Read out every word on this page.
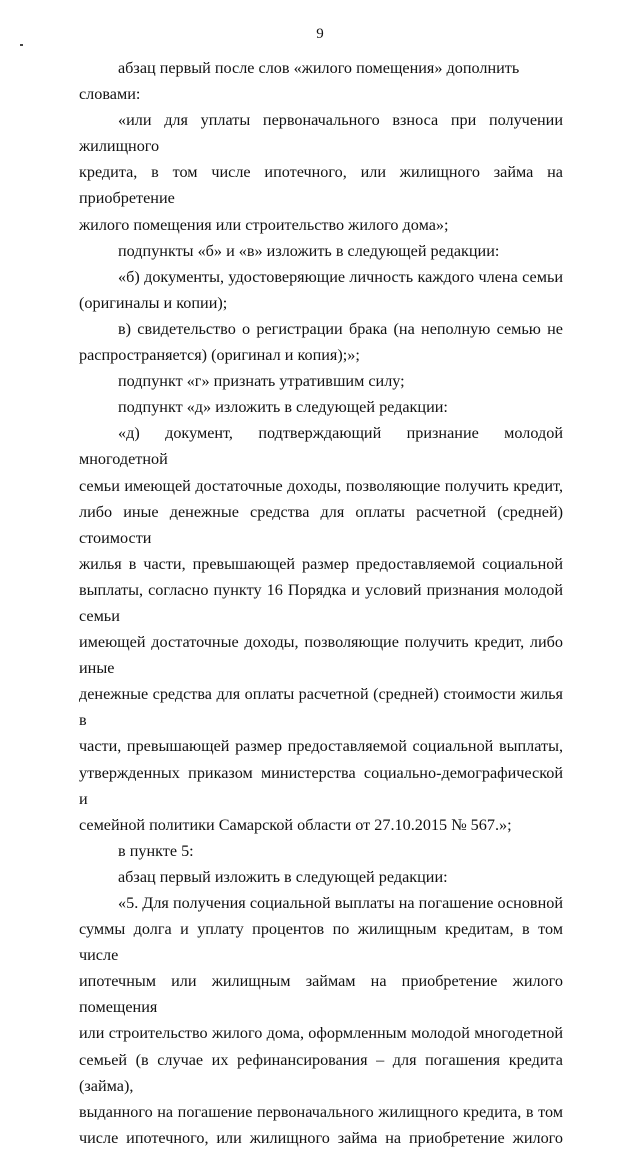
9

абзац первый после слов «жилого помещения» дополнить словами:

«или для уплаты первоначального взноса при получении жилищного
кредита, в том числе ипотечного, или жилищного займа на приобретение
жилого помещения или строительство жилого дома»;

подпункты «б» и «в» изложить в следующей редакции:

«б) документы, удостоверяющие личность каждого члена семьи
(оригиналы и копии);

в) свидетельство о регистрации брака (на неполную семью не
распространяется) (оригинал и копия);»;

подпункт «г» признать утратившим силу;

подпункт «д» изложить в следующей редакции:

«д) документ, подтверждающий признание молодой многодетной
семьи имеющей достаточные доходы, позволяющие получить кредит,
либо иные денежные средства для оплаты расчетной (средней) стоимости
жилья в части, превышающей размер предоставляемой социальной
выплаты, согласно пункту 16 Порядка и условий признания молодой семьи
имеющей достаточные доходы, позволяющие получить кредит, либо иные
денежные средства для оплаты расчетной (средней) стоимости жилья в
части, превышающей размер предоставляемой социальной выплаты,
утвержденных приказом министерства социально-демографической и
семейной политики Самарской области от 27.10.2015 № 567.»;

в пункте 5:

абзац первый изложить в следующей редакции:

«5. Для получения социальной выплаты на погашение основной
суммы долга и уплату процентов по жилищным кредитам, в том числе
ипотечным или жилищным займам на приобретение жилого помещения
или строительство жилого дома, оформленным молодой многодетной
семьей (в случае их рефинансирования – для погашения кредита (займа),
выданного на погашение первоначального жилищного кредита, в том
числе ипотечного, или жилищного займа на приобретение жилого
